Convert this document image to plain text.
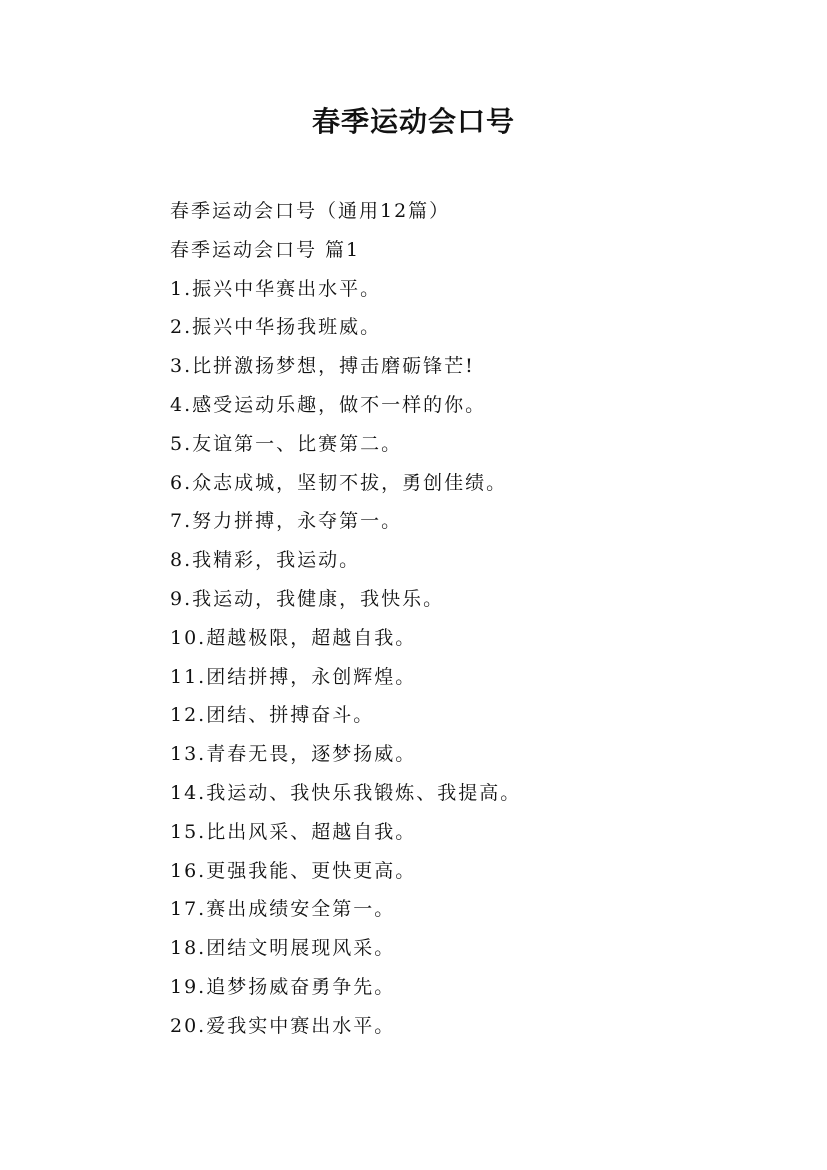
春季运动会口号
春季运动会口号（通用12篇）
春季运动会口号 篇1
1.振兴中华赛出水平。
2.振兴中华扬我班威。
3.比拼激扬梦想，搏击磨砺锋芒!
4.感受运动乐趣，做不一样的你。
5.友谊第一、比赛第二。
6.众志成城，坚韧不拔，勇创佳绩。
7.努力拼搏，永夺第一。
8.我精彩，我运动。
9.我运动，我健康，我快乐。
10.超越极限，超越自我。
11.团结拼搏，永创辉煌。
12.团结、拼搏奋斗。
13.青春无畏，逐梦扬威。
14.我运动、我快乐我锻炼、我提高。
15.比出风采、超越自我。
16.更强我能、更快更高。
17.赛出成绩安全第一。
18.团结文明展现风采。
19.追梦扬威奋勇争先。
20.爱我实中赛出水平。
